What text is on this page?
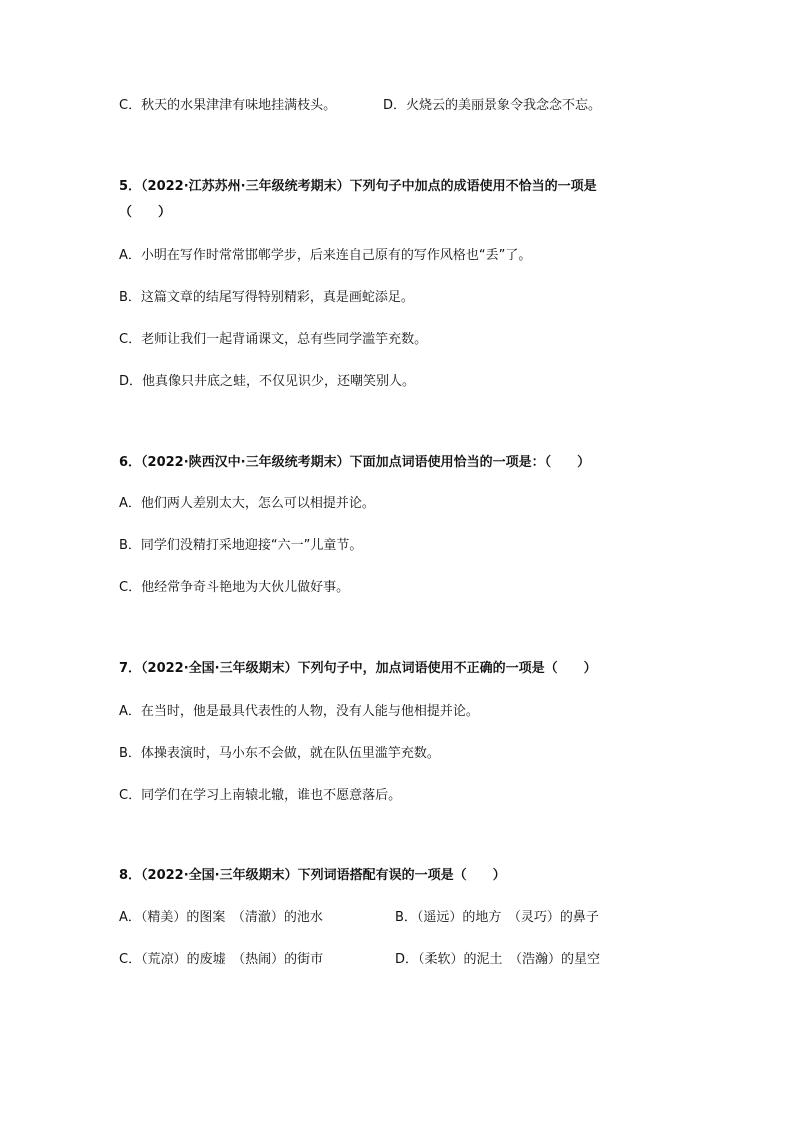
C．秋天的水果津津有味地挂满枝头。	D．火烧云的美丽景象令我念念不忘。

5．（2022·江苏苏州·三年级统考期末）下列句子中加点的成语使用不恰当的一项是

（　　）

A．小明在写作时常常邯郸学步，后来连自己原有的写作风格也“丢”了。

B．这篇文章的结尾写得特别精彩，真是画蛇添足。

C．老师让我们一起背诵课文，总有些同学滥竽充数。

D．他真像只井底之蛙，不仅见识少，还嘲笑别人。

6．（2022·陕西汉中·三年级统考期末）下面加点词语使用恰当的一项是：（　　）

A．他们两人差别太大，怎么可以相提并论。

B．同学们没精打采地迎接“六一”儿童节。

C．他经常争奇斗艳地为大伙儿做好事。

7．（2022·全国·三年级期末）下列句子中，加点词语使用不正确的一项是（　　）

A．在当时，他是最具代表性的人物，没有人能与他相提并论。

B．体操表演时，马小东不会做，就在队伍里滥竽充数。

C．同学们在学习上南辕北辙，谁也不愿意落后。

8．（2022·全国·三年级期末）下列词语搭配有误的一项是（　　）

A．（精美）的图案　（清澈）的池水	B．（遥远）的地方　（灵巧）的鼻子

C．（荒凉）的废墟　（热闹）的街市	D．（柔软）的泥土　（浩瀚）的星空
